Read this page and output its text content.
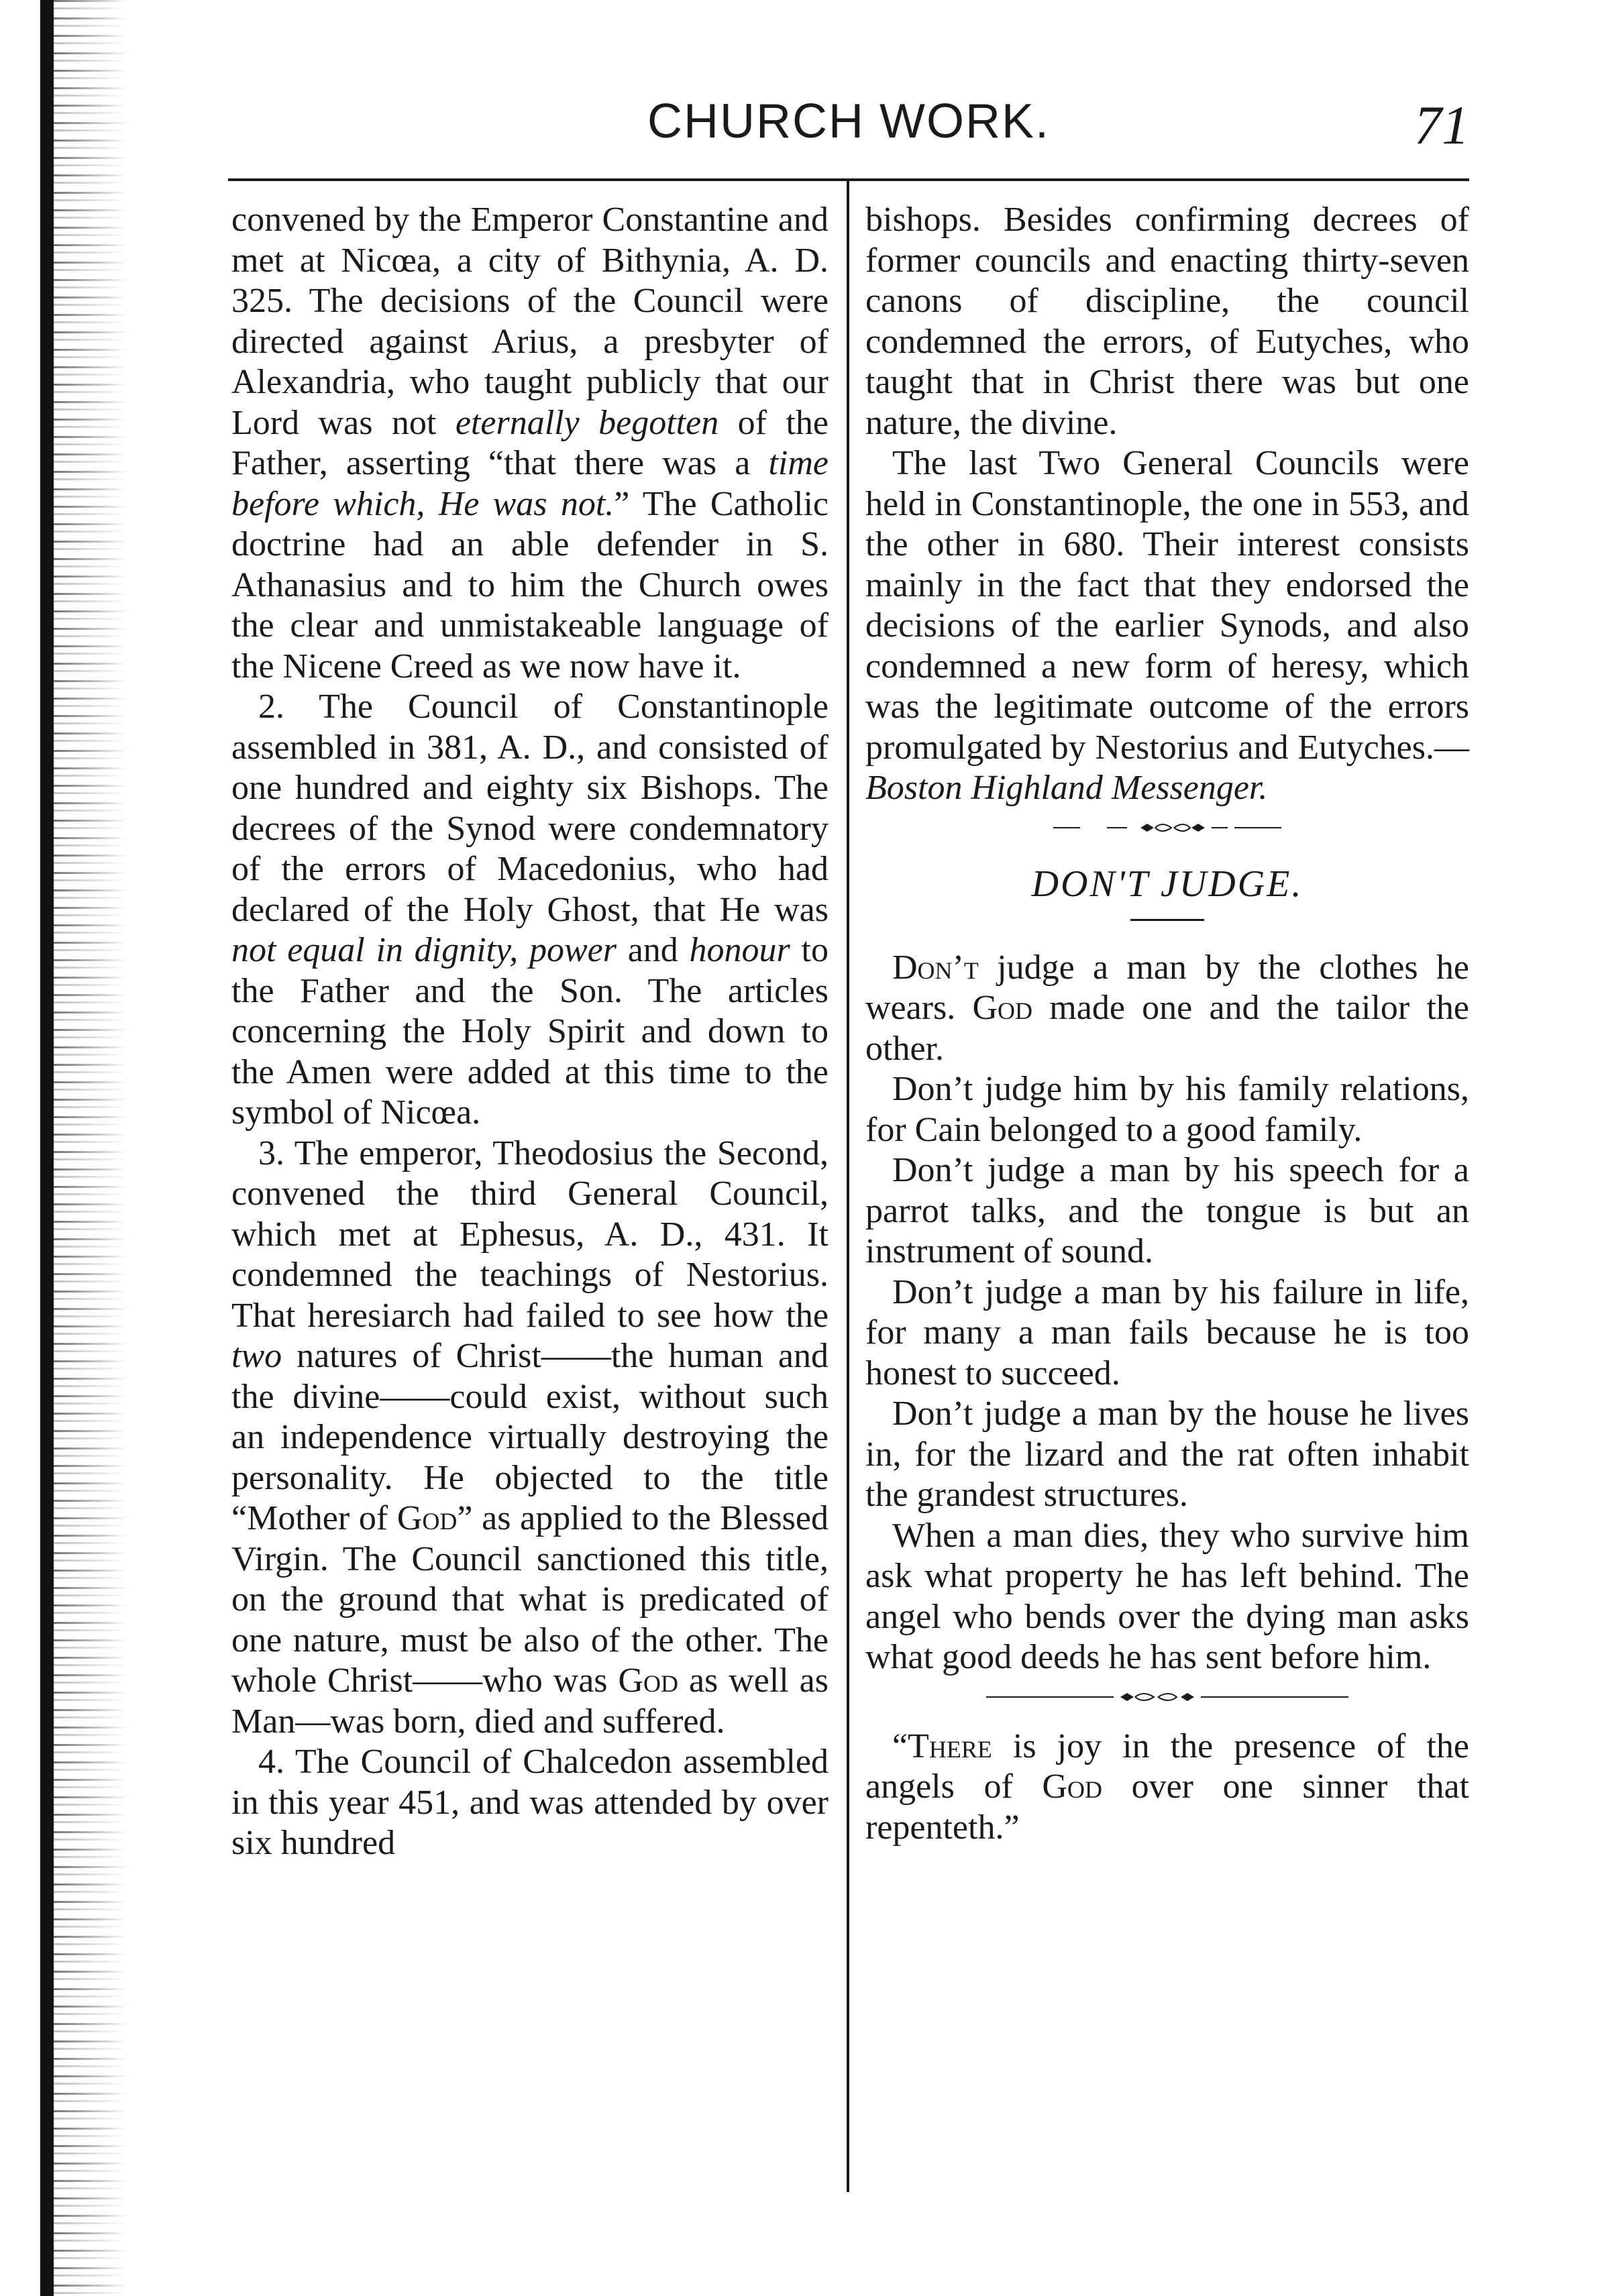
CHURCH WORK.	71

convened by the Emperor Constantine and met at Nicœa, a city of Bithynia, A. D. 325. The decisions of the Council were directed against Arius, a presbyter of Alexandria, who taught publicly that our Lord was not eternally begotten of the Father, asserting “that there was a time before which, He was not.” The Catholic doctrine had an able defender in S. Athanasius and to him the Church owes the clear and unmistakeable language of the Nicene Creed as we now have it.

2. The Council of Constantinople assembled in 381, A. D., and consisted of one hundred and eighty six Bishops. The decrees of the Synod were condemnatory of the errors of Macedonius, who had declared of the Holy Ghost, that He was not equal in dignity, power and honour to the Father and the Son. The articles concerning the Holy Spirit and down to the Amen were added at this time to the symbol of Nicœa.

3. The emperor, Theodosius the Second, convened the third General Council, which met at Ephesus, A. D., 431. It condemned the teachings of Nestorius. That heresiarch had failed to see how the two natures of Christ——the human and the divine——could exist, without such an independence virtually destroying the personality. He objected to the title “Mother of God” as applied to the Blessed Virgin. The Council sanctioned this title, on the ground that what is predicated of one nature, must be also of the other. The whole Christ——who was God as well as Man—was born, died and suffered.

4. The Council of Chalcedon assembled in this year 451, and was attended by over six hundred

bishops. Besides confirming decrees of former councils and enacting thirty-seven canons of discipline, the council condemned the errors, of Eutyches, who taught that in Christ there was but one nature, the divine.

The last Two General Councils were held in Constantinople, the one in 553, and the other in 680. Their interest consists mainly in the fact that they endorsed the decisions of the earlier Synods, and also condemned a new form of heresy, which was the legitimate outcome of the errors promulgated by Nestorius and Eutyches.—Boston Highland Messenger.

DON'T JUDGE.

Don’t judge a man by the clothes he wears. God made one and the tailor the other.

Don’t judge him by his family relations, for Cain belonged to a good family.

Don’t judge a man by his speech for a parrot talks, and the tongue is but an instrument of sound.

Don’t judge a man by his failure in life, for many a man fails because he is too honest to succeed.

Don’t judge a man by the house he lives in, for the lizard and the rat often inhabit the grandest structures.

When a man dies, they who survive him ask what property he has left behind. The angel who bends over the dying man asks what good deeds he has sent before him.

“There is joy in the presence of the angels of God over one sinner that repenteth.”
